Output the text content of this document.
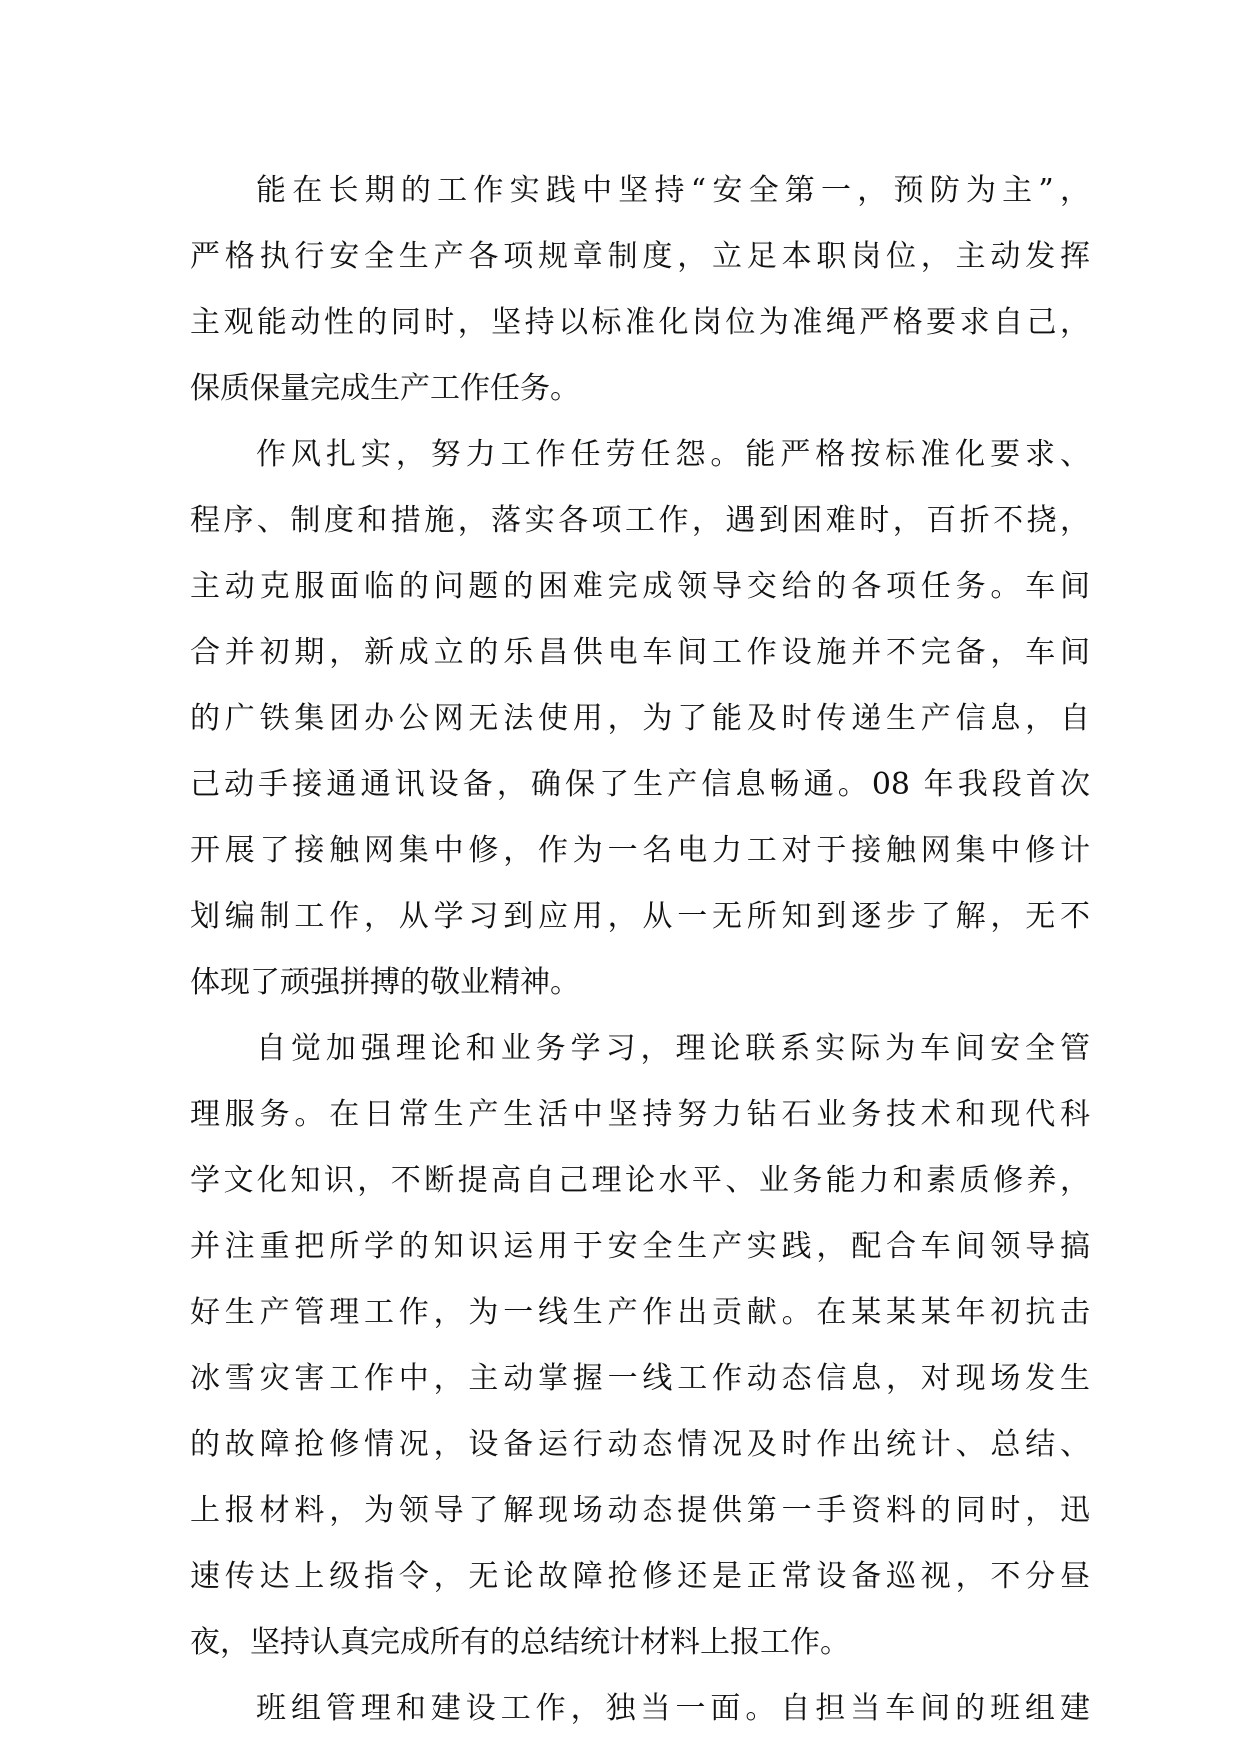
能在长期的工作实践中坚持“安全第一，预防为主”，
严格执行安全生产各项规章制度，立足本职岗位，主动发挥
主观能动性的同时，坚持以标准化岗位为准绳严格要求自己，
保质保量完成生产工作任务。
作风扎实，努力工作任劳任怨。能严格按标准化要求、
程序、制度和措施，落实各项工作，遇到困难时，百折不挠，
主动克服面临的问题的困难完成领导交给的各项任务。车间
合并初期，新成立的乐昌供电车间工作设施并不完备，车间
的广铁集团办公网无法使用，为了能及时传递生产信息，自
己动手接通通讯设备，确保了生产信息畅通。08 年我段首次
开展了接触网集中修，作为一名电力工对于接触网集中修计
划编制工作，从学习到应用，从一无所知到逐步了解，无不
体现了顽强拼搏的敬业精神。
自觉加强理论和业务学习，理论联系实际为车间安全管
理服务。在日常生产生活中坚持努力钻石业务技术和现代科
学文化知识，不断提高自己理论水平、业务能力和素质修养，
并注重把所学的知识运用于安全生产实践，配合车间领导搞
好生产管理工作，为一线生产作出贡献。在某某某年初抗击
冰雪灾害工作中，主动掌握一线工作动态信息，对现场发生
的故障抢修情况，设备运行动态情况及时作出统计、总结、
上报材料，为领导了解现场动态提供第一手资料的同时，迅
速传达上级指令，无论故障抢修还是正常设备巡视，不分昼
夜，坚持认真完成所有的总结统计材料上报工作。
班组管理和建设工作，独当一面。自担当车间的班组建
